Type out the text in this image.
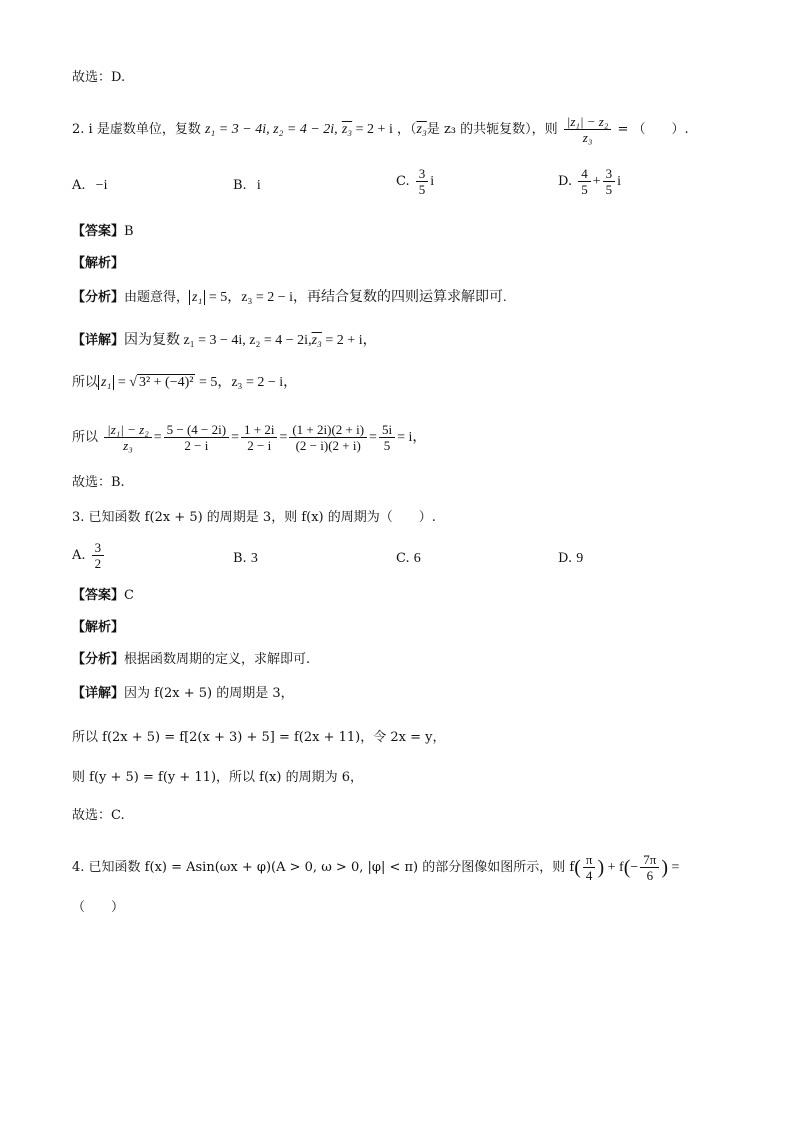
故选：D.
2. i 是虚数单位，复数 z₁ = 3 − 4i, z₂ = 4 − 2i, z₃ = 2 + i ，（z₃是 z₃ 的共轭复数），则 $\frac{\text{|z₁| − z₂}}{\text{z₃}}$ = （　　）.
A. −i	B. i	C. $\frac{3}{5}$ i	D. $\frac{4}{5} + \frac{3}{5}$ i
【答案】B
【解析】
【分析】由题意得， z₁ = 5，z₃ = 2 − i，再结合复数的四则运算求解即可.
【详解】因为复数 z₁ = 3 − 4i, z₂ = 4 − 2i,z₃ = 2 + i，
所以 z₁ = √ 3² + (−4)² = 5，z₃ = 2 − i，
所以 $\frac{\text{|z₁| − z₂}}{\text{z₃}} = \frac{5 - (4 - 2i)}{2 - i} = \frac{1 + 2i}{2 - i} = \frac{(1 + 2i)(2 + i)}{(2 - i)(2 + i)} = \frac{5i}{5} = i$，
故选：B.
3. 已知函数 f(2x + 5) 的周期是 3，则 f(x) 的周期为（　　）.
A. $\frac{3}{2}$	B. 3	C. 6	D. 9
【答案】C
【解析】
【分析】根据函数周期的定义，求解即可.
【详解】因为 f(2x + 5) 的周期是 3，
所以 f(2x + 5) = f[2(x + 3) + 5] = f(2x + 11)，令 2x = y，
则 f(y + 5) = f(y + 11)，所以 f(x) 的周期为 6，
故选：C.
4. 已知函数 f(x) = Asin(ωx + φ)(A > 0, ω > 0, |φ| < π) 的部分图像如图所示，则 $f( \frac{\pi}{4}$ ) + $f(- \frac{7\pi}{6}$ ) =
（　　）
